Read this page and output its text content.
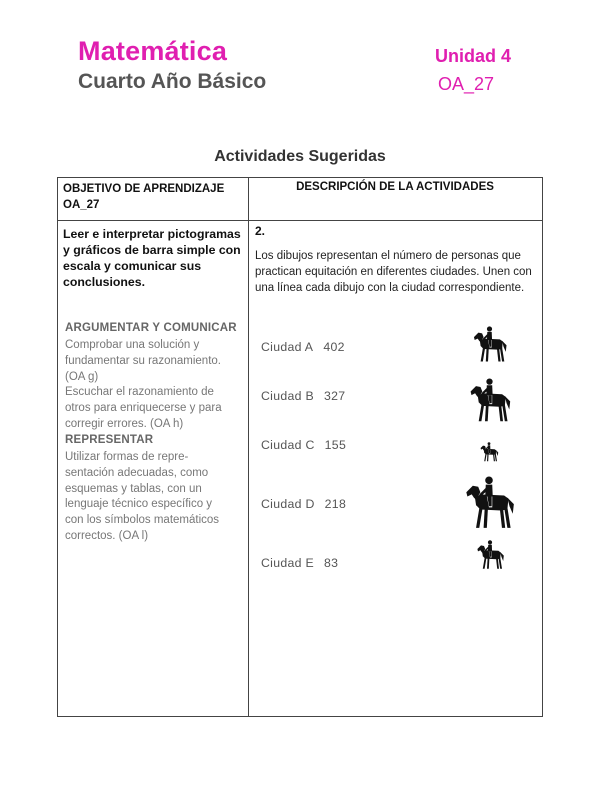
Matemática
Cuarto Año Básico
Unidad 4
OA_27
Actividades Sugeridas
OBJETIVO DE APRENDIZAJE
OA_27
DESCRIPCIÓN DE LA ACTIVIDADES
Leer e interpretar pictogramas y gráficos de barra simple con escala y comunicar sus conclusiones.
ARGUMENTAR Y COMUNICAR
Comprobar una solución y
fundamentar su razonamiento.
(OA g)
Escuchar el razonamiento de
otros para enriquecerse y para
corregir errores. (OA h)
REPRESENTAR
Utilizar formas de repre-
sentación adecuadas, como
esquemas y tablas, con un
lenguaje técnico específico y
con los símbolos matemáticos
correctos. (OA l)
2.
Los dibujos representan el número de personas que practican equitación en diferentes ciudades. Unen con una línea cada dibujo con la ciudad correspondiente.
Ciudad A 402
Ciudad B 327
Ciudad C 155
Ciudad D 218
Ciudad E 83
